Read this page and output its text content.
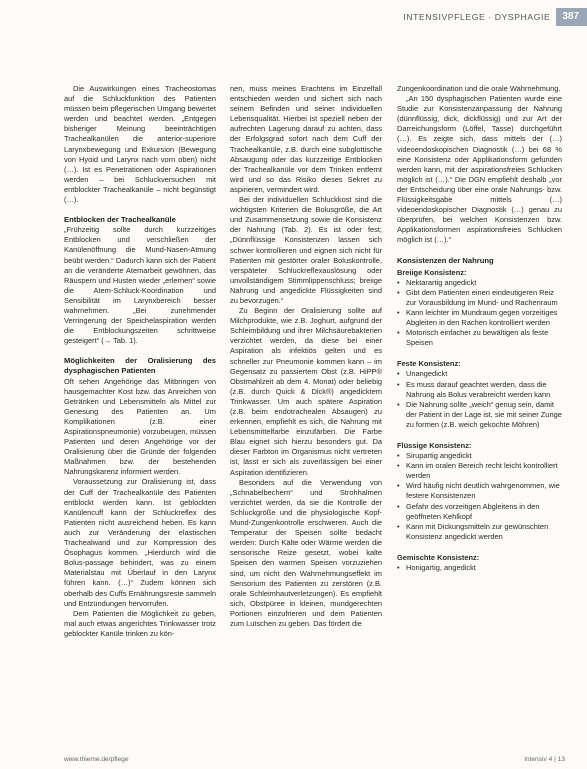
INTENSIVPFLEGE · DYSPHAGIE	387

Die Auswirkungen eines Tracheostomas auf die Schluckfunktion des Patienten müssen beim pflegerischen Umgang bewertet werden und beachtet werden. „Entgegen bisheriger Meinung beeinträchtigen Trachealkanülen die anterior-superiore Larynxbewegung und Exkursion (Bewegung von Hyoid und Larynx nach vorn oben) nicht (…). Ist es Penetrationen oder Aspirationen werden – bei Schluckversuchen mit entblockter Trachealkanüle – nicht begünstigt (…).

Entblocken der Trachealkanüle

„Frühzeitig sollte durch kurzzeitiges Entblocken und verschließen der Kanülenöffnung die Mund-Nasen-Atmung beübt werden.“ Dadurch kann sich der Patient an die veränderte Atemarbeit gewöhnen, das Räuspern und Husten wieder „erlernen“ sowie die Atem-Schluck-Koordination und Sensibilität im Larynxbereich besser wahrnehmen. „Bei zunehmender Verringerung der Speichelaspiration werden die Entblockungszeiten schrittweise gesteigert“ (→ Tab. 1).

Möglichkeiten der Oralisierung des dysphagischen Patienten

Oft sehen Angehörige das Mitbringen von hausgemachter Kost bzw. das Anreichen von Getränken und Lebensmitteln als Mittel zur Genesung des Patienten an. Um Komplikationen (z.B. einer Aspirationspneumonie) vorzubeugen, müssen Patienten und deren Angehörige vor der Oralisierung über die Gründe der folgenden Maßnahmen bzw. der bestehenden Nahrungskarenz informiert werden.

Voraussetzung zur Oralisierung ist, dass der Cuff der Trachealkanüle des Patienten entblockt werden kann. Ist geblockten Kanülencuff kann der Schluckreflex des Patienten nicht ausreichend heben. Es kann auch zur Veränderung der elastischen Trachealwand und zur Kompression des Ösophagus kommen. „Hierdurch wird die Bolus-passage behindert, was zu einem Materialstau mit Überlauf in den Larynx führen kann. (…)“ Zudem können sich oberhalb des Cuffs Ernährungsreste sammeln und Entzündungen hervorrufen.

Dem Patienten die Möglichkeit zu geben, mal auch etwas angerichtes Trinkwasser trotz geblockter Kanüle trinken zu kön-

nen, muss meines Erachtens im Einzelfall entschieden werden und sichert sich nach seinem Befinden und seiner individuellen Lebensqualität. Hierbei ist speziell neben der aufrechten Lagerung darauf zu achten, dass der Erfolgsgrad sofort nach dem Cuff der Trachealkanüle, z.B. durch eine subglottische Absaugung oder das kurzzeitige Entblocken der Trachealkanüle vor dem Trinken entfernt wird und so das Risiko dieses Sekret zu aspirieren, vermindert wird.

Bei der individuellen Schluckkost sind die wichtigsten Kriterien die Bolusgröße, die Art und Zusammensetzung sowie die Konsistenz der Nahrung (Tab. 2). Es ist oder fest; „Dünnflüssige Konsistenzen lassen sich schwer kontrollieren und eignen sich nicht für Patienten mit gestörter oraler Boluskontrolle, verspäteter Schluckreflexauslösung oder unvollständigem Stimmlippenschluss; breiige Nahrung und angedickte Flüssigkeiten sind zu bevorzugen.“

Zu Beginn der Oralisierung sollte auf Milchprodukte, wie z.B. Joghurt, aufgrund der Schleimbildung und ihrer Milchsäurebakterien verzichtet werden, da diese bei einer Aspiration als infektiös gelten und es schneller zur Pneumonie kommen kann – im Gegensatz zu passiertem Obst (z.B. HiPP® Obstmahlzeit ab dem 4. Monat) oder beliebig (z.B. durch Quick & Dick®) angedicktem Trinkwasser. Um auch spätere Aspiration (z.B. beim endotrachealen Absaugen) zu erkennen, empfiehlt es sich, die Nahrung mit Lebensmittelfarbe einzufärben. Die Farbe Blau eignet sich hierzu besonders gut. Da dieser Farbton im Organismus nicht vertreten ist, lässt er sich als zuverlässigen bei einer Aspiration identifizieren.

Besonders auf die Verwendung von „Schnabelbechern“ und Strohhalmen verzichtet werden, da sie die Kontrolle der Schluckgröße und die physiologische Kopf-Mund-Zungenkontrolle erschweren. Auch die Temperatur der Speisen sollte bedacht werden: Durch Kälte oder Wärme werden die sensorische Reize gesetzt, wobei kalte Speisen den warmen Speisen vorzuziehen sind, um nicht den Wahrnehmungseffekt im Sensorium des Patienten zu zerstören (z.B. orale Schleimhautverletzungen). Es empfiehlt sich, Obstpüree in kleinen, mundgerechten Portionen einzufrieren und dem Patienten zum Lutschen zu geben. Das fördert die

Zungenkoordination und die orale Wahrnehmung.

„An 150 dysphagischen Patienten wurde eine Studie zur Konsistenzanpassung der Nahrung (dünnflüssig, dick, dickflüssig) und zur Art der Darreichungsform (Löffel, Tasse) durchgeführt (…). Es zeigte sich, dass mittels der (…) videoendoskopischen Diagnostik (…) bei 68 % eine Konsistenz oder Applikationsform gefunden werden kann, mit der aspirationsfreies Schlucken möglich ist (…).“ Die DGN empfiehlt deshalb „vor der Entscheidung über eine orale Nahrungs- bzw. Flüssigkeitsgabe mittels (…) videoendoskopischer Diagnostik (…) genau zu überprüfen, bei welchen Konsistenzen bzw. Applikationsformen aspirationsfreies Schlucken möglich ist (…).“

Konsistenzen der Nahrung
Breiige Konsistenz:
• Nektarartig angedickt
• Gibt dem Patienten einen eindeutigeren Reiz zur Vorausbildung im Mund- und Rachenraum
• Kann leichter im Mundraum gegen vorzeitiges Abgleiten in den Rachen kontrolliert werden
• Motorisch einfacher zu bewältigen als feste Speisen
Feste Konsistenz:
• Unangedickt
• Es muss darauf geachtet werden, dass die Nahrung als Bolus verabreicht werden kann
• Die Nahrung sollte „weich“ genug sein, damit der Patient in der Lage ist, sie mit seiner Zunge zu formen (z.B. weich gekochte Möhren)
Flüssige Konsistenz:
• Sirupartig angedickt
• Kann im oralen Bereich recht leicht kontrolliert werden
• Wird häufig nicht deutlich wahrgenommen, wie festere Konsistenzen
• Gefahr des vorzeitigen Abgleitens in den geöffneten Kehlkopf
• Kann mit Dickungsmitteln zur gewünschten Konsistenz angedickt werden
Gemischte Konsistenz:
• Honigartig, angedickt
www.thieme.de/pflege	intensiv 4 | 13
